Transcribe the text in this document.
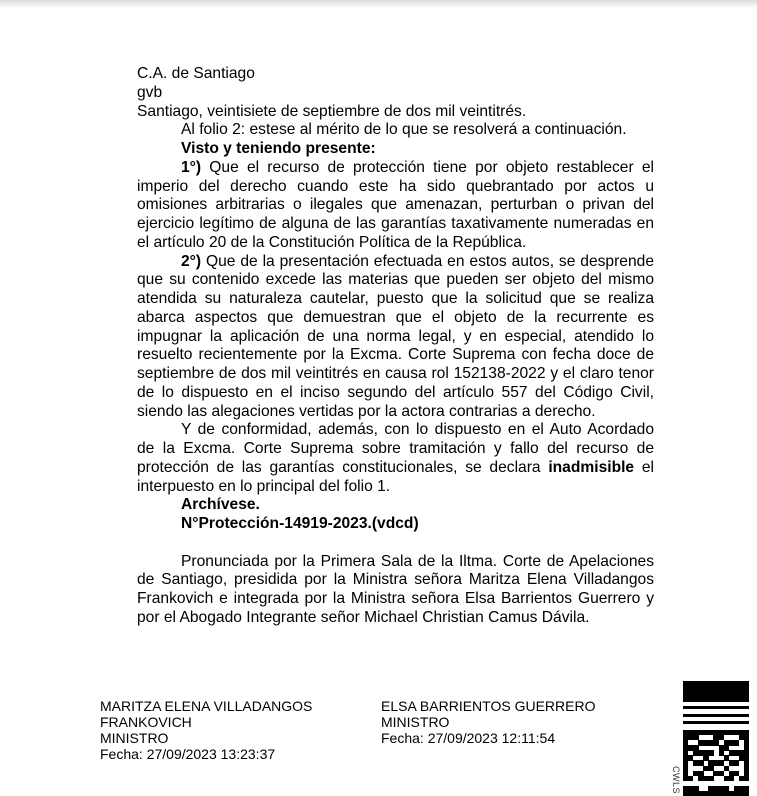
C.A. de Santiago

gvb

Santiago, veintisiete de septiembre de dos mil veintitrés.

Al folio 2: estese al mérito de lo que se resolverá a continuación.

Visto y teniendo presente:

1°) Que el recurso de protección tiene por objeto restablecer el imperio del derecho cuando este ha sido quebrantado por actos u omisiones arbitrarias o ilegales que amenazan, perturban o privan del ejercicio legítimo de alguna de las garantías taxativamente numeradas en el artículo 20 de la Constitución Política de la República.

2°) Que de la presentación efectuada en estos autos, se desprende que su contenido excede las materias que pueden ser objeto del mismo atendida su naturaleza cautelar, puesto que la solicitud que se realiza abarca aspectos que demuestran que el objeto de la recurrente es impugnar la aplicación de una norma legal, y en especial, atendido lo resuelto recientemente por la Excma. Corte Suprema con fecha doce de septiembre de dos mil veintitrés en causa rol 152138-2022 y el claro tenor de lo dispuesto en el inciso segundo del artículo 557 del Código Civil, siendo las alegaciones vertidas por la actora contrarias a derecho.

Y de conformidad, además, con lo dispuesto en el Auto Acordado de la Excma. Corte Suprema sobre tramitación y fallo del recurso de protección de las garantías constitucionales, se declara inadmisible el interpuesto en lo principal del folio 1.

Archívese.

N°Protección-14919-2023.(vdcd)

Pronunciada por la Primera Sala de la Iltma. Corte de Apelaciones de Santiago, presidida por la Ministra señora Maritza Elena Villadangos Frankovich e integrada por la Ministra señora Elsa Barrientos Guerrero y por el Abogado Integrante señor Michael Christian Camus Dávila.

MARITZA ELENA VILLADANGOS
FRANKOVICH
MINISTRO
Fecha: 27/09/2023 13:23:37
ELSA BARRIENTOS GUERRERO
MINISTRO
Fecha: 27/09/2023 12:11:54
CWLS
